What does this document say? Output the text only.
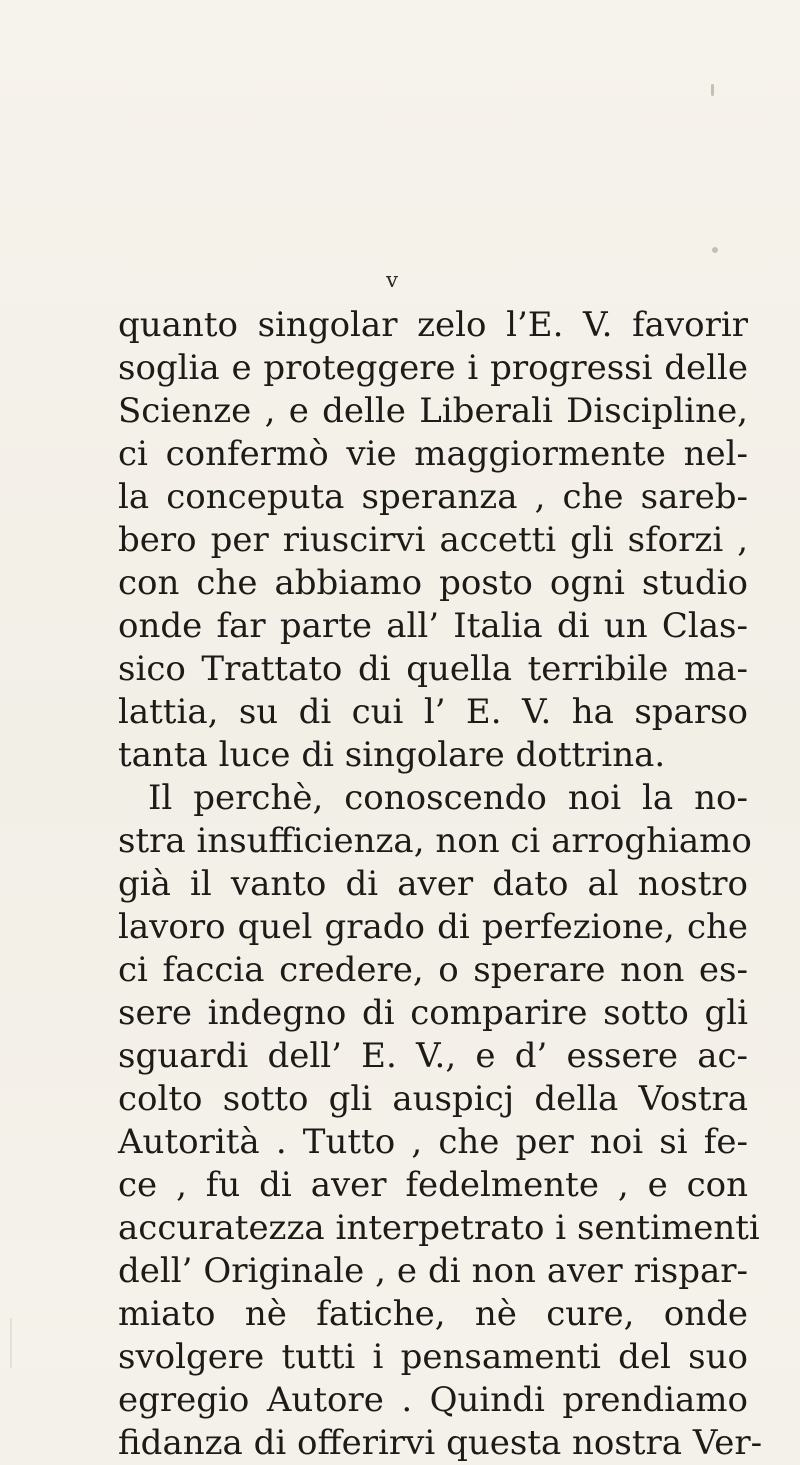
v
quanto singolar zelo l’E. V. favorir
soglia e proteggere i progressi delle
Scienze , e delle Liberali Discipline,
ci confermò vie maggiormente nel-
la conceputa speranza , che sareb-
bero per riuscirvi accetti gli sforzi ,
con che abbiamo posto ogni studio
onde far parte all’ Italia di un Clas-
sico Trattato di quella terribile ma-
lattia, su di cui l’ E. V. ha sparso
tanta luce di singolare dottrina.
Il perchè, conoscendo noi la no-
stra insufficienza, non ci arroghiamo
già il vanto di aver dato al nostro
lavoro quel grado di perfezione, che
ci faccia credere, o sperare non es-
sere indegno di comparire sotto gli
sguardi dell’ E. V., e d’ essere ac-
colto sotto gli auspicj della Vostra
Autorità . Tutto , che per noi si fe-
ce , fu di aver fedelmente , e con
accuratezza interpetrato i sentimenti
dell’ Originale , e di non aver rispar-
miato nè fatiche, nè cure, onde
svolgere tutti i pensamenti del suo
egregio Autore . Quindi prendiamo
fidanza di offerirvi questa nostra Ver-
